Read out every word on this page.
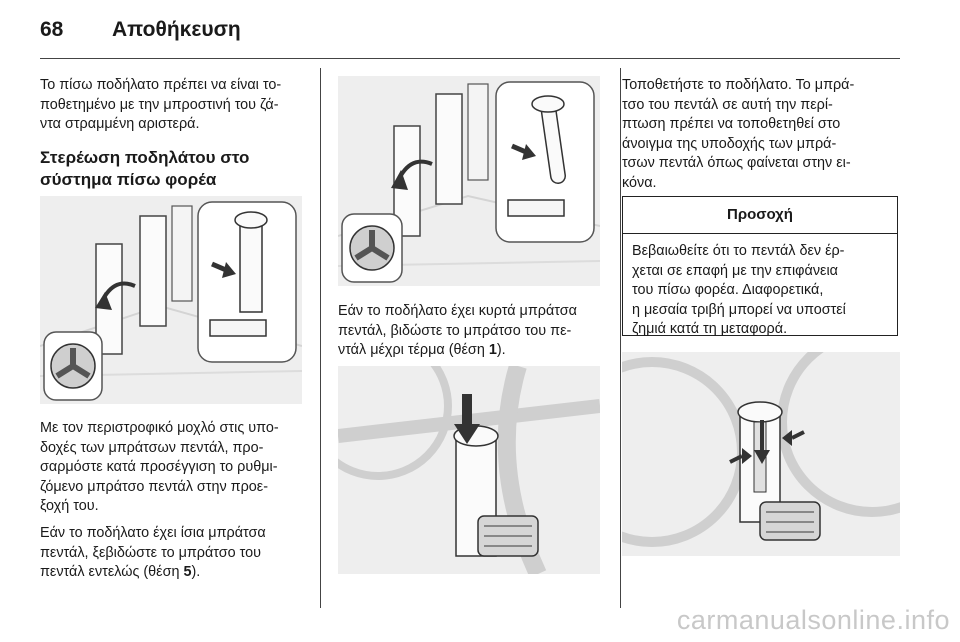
68 Αποθήκευση

Το πίσω ποδήλατο πρέπει να είναι το-
ποθετημένο με την μπροστινή του ζά-
ντα στραμμένη αριστερά.

Στερέωση ποδηλάτου στο
σύστημα πίσω φορέα

Με τον περιστροφικό μοχλό στις υπο-
δοχές των μπράτσων πεντάλ, προ-
σαρμόστε κατά προσέγγιση το ρυθμι-
ζόμενο μπράτσο πεντάλ στην προε-
ξοχή του.

Εάν το ποδήλατο έχει ίσια μπράτσα
πεντάλ, ξεβιδώστε το μπράτσο του
πεντάλ εντελώς (θέση 5).

Εάν το ποδήλατο έχει κυρτά μπράτσα
πεντάλ, βιδώστε το μπράτσο του πε-
ντάλ μέχρι τέρμα (θέση 1).

Τοποθετήστε το ποδήλατο. Το μπρά-
τσο του πεντάλ σε αυτή την περί-
πτωση πρέπει να τοποθετηθεί στο
άνοιγμα της υποδοχής των μπρά-
τσων πεντάλ όπως φαίνεται στην ει-
κόνα.

Προσοχή
Βεβαιωθείτε ότι το πεντάλ δεν έρ-
χεται σε επαφή με την επιφάνεια
του πίσω φορέα. Διαφορετικά,
η μεσαία τριβή μπορεί να υποστεί
ζημιά κατά τη μεταφορά.
carmanualsonline.info
